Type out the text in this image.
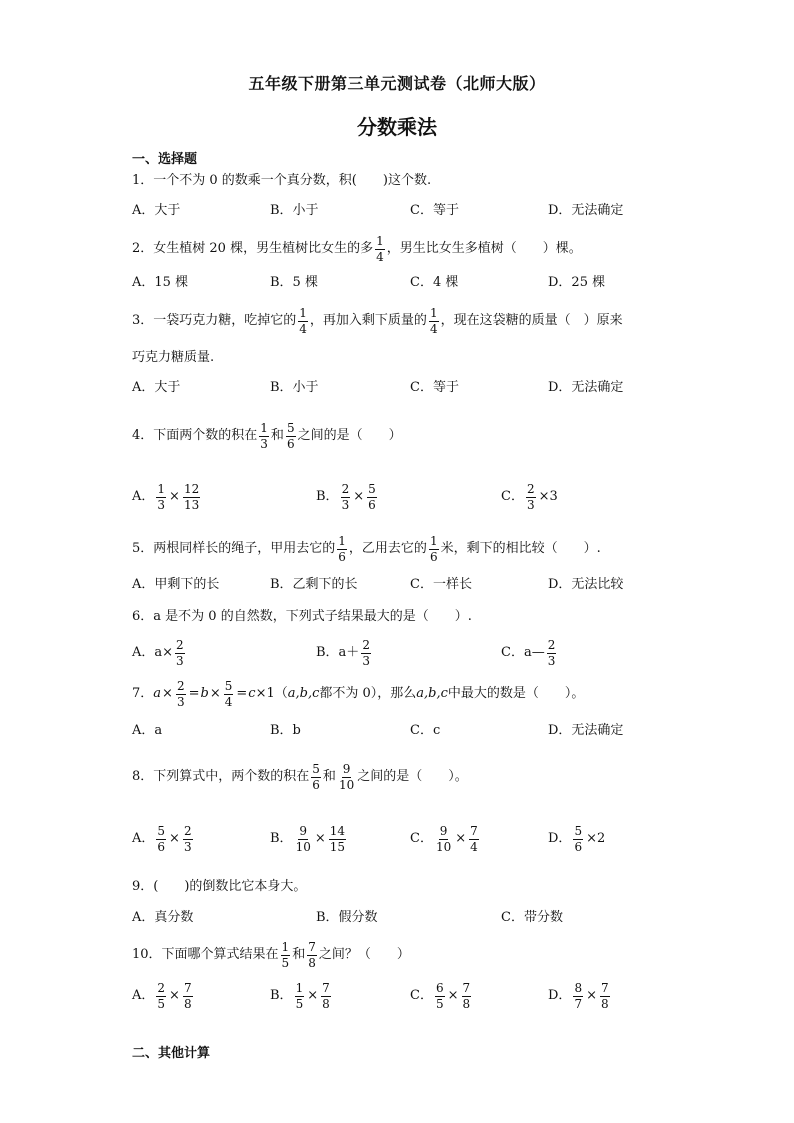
五年级下册第三单元测试卷（北师大版）
分数乘法
一、选择题
1．一个不为 0 的数乘一个真分数，积(　　)这个数.
A．大于	B．小于	C．等于	D．无法确定
2．女生植树 20 棵，男生植树比女生的多 $\frac{1}{4}$ ，男生比女生多植树（　　）棵。
A．15 棵	B．5 棵	C．4 棵	D．25 棵
3．一袋巧克力糖，吃掉它的 $\frac{1}{4}$ ，再加入剩下质量的 $\frac{1}{4}$ ，现在这袋糖的质量（　）原来
巧克力糖质量.
A．大于	B．小于	C．等于	D．无法确定
4．下面两个数的积在 $\frac{1}{3}$ 和 $\frac{5}{6}$ 之间的是（　　）
A． $\frac{1}{3} \times \frac{12}{13}$	B． $\frac{2}{3} \times \frac{5}{6}$	C． $\frac{2}{3} \times 3$
5．两根同样长的绳子，甲用去它的 $\frac{1}{6}$ ，乙用去它的 $\frac{1}{6}$ 米，剩下的相比较（　　）.
A．甲剩下的长	B．乙剩下的长	C．一样长	D．无法比较
6．a 是不为 0 的自然数，下列式子结果最大的是（　　）.
A．$a\times \frac{2}{3}$	B．$a+ \frac{2}{3}$	C．a— $\frac{2}{3}$
7． $a \times \frac{2}{3} = b \times \frac{5}{4} = c \times 1$（ a,b,c 都不为 0），那么 a,b,c 中最大的数是（　　）。
A．a	B．b	C．c	D．无法确定
8．下列算式中，两个数的积在 $\frac{5}{6}$ 和 $\frac{9}{10}$ 之间的是（　　）。
A． $\frac{5}{6} \times \frac{2}{3}$	B． $\frac{9}{10} \times \frac{14}{15}$	C． $\frac{9}{10} \times \frac{7}{4}$	D． $\frac{5}{6} \times 2$
9．(　　)的倒数比它本身大。
A．真分数	B．假分数	C．带分数
10．下面哪个算式结果在 $\frac{1}{5}$ 和 $\frac{7}{8}$ 之间？（　　）
A． $\frac{2}{5} \times \frac{7}{8}$	B． $\frac{1}{5} \times \frac{7}{8}$	C． $\frac{6}{5} \times \frac{7}{8}$	D． $\frac{8}{7} \times \frac{7}{8}$
二、其他计算
